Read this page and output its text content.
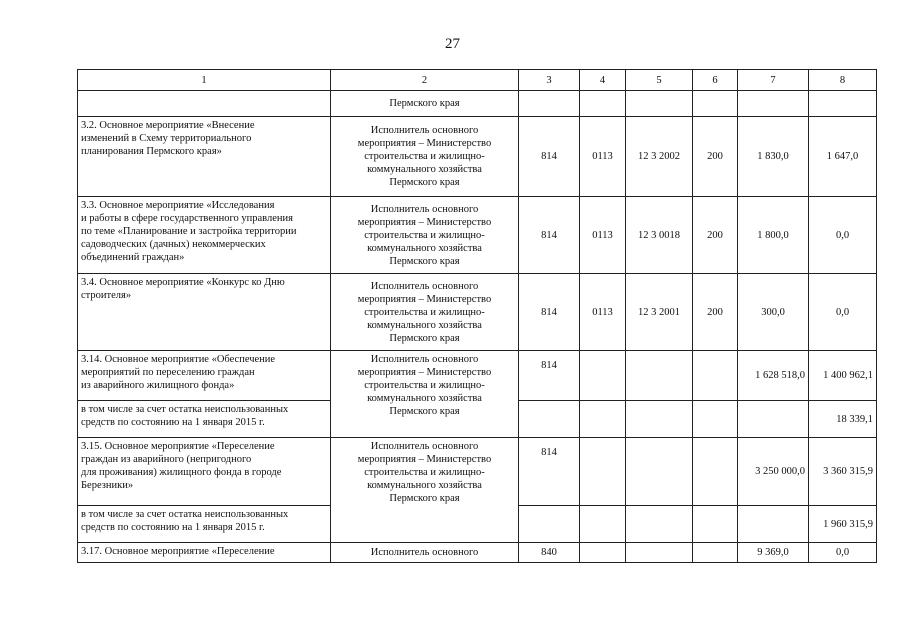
27
1	2	3	4	5	6	7	8
	Пермского края						
3.2. Основное мероприятие «Внесение
изменений в Схему территориального
планирования Пермского края»	Исполнитель основного
мероприятия – Министерство
строительства и жилищно-
коммунального хозяйства
Пермского края	814	0113	12 3 2002	200	1 830,0	1 647,0
3.3. Основное мероприятие «Исследования
и работы в сфере государственного управления
по теме «Планирование и застройка территории
садоводческих (дачных) некоммерческих
объединений граждан»	Исполнитель основного
мероприятия – Министерство
строительства и жилищно-
коммунального хозяйства
Пермского края	814	0113	12 3 0018	200	1 800,0	0,0
3.4. Основное мероприятие «Конкурс ко Дню
строителя»	Исполнитель основного
мероприятия – Министерство
строительства и жилищно-
коммунального хозяйства
Пермского края	814	0113	12 3 2001	200	300,0	0,0
3.14. Основное мероприятие «Обеспечение
мероприятий по переселению граждан
из аварийного жилищного фонда»	Исполнитель основного
мероприятия – Министерство
строительства и жилищно-
коммунального хозяйства
Пермского края	814				1 628 518,0	1 400 962,1
в том числе за счет остатка неиспользованных
средств по состоянию на 1 января 2015 г.							18 339,1
3.15. Основное мероприятие «Переселение
граждан из аварийного (непригодного
для проживания) жилищного фонда в городе
Березники»	Исполнитель основного
мероприятия – Министерство
строительства и жилищно-
коммунального хозяйства
Пермского края	814				3 250 000,0	3 360 315,9
в том числе за счет остатка неиспользованных
средств по состоянию на 1 января 2015 г.							1 960 315,9
3.17. Основное мероприятие «Переселение	Исполнитель основного	840				9 369,0	0,0
